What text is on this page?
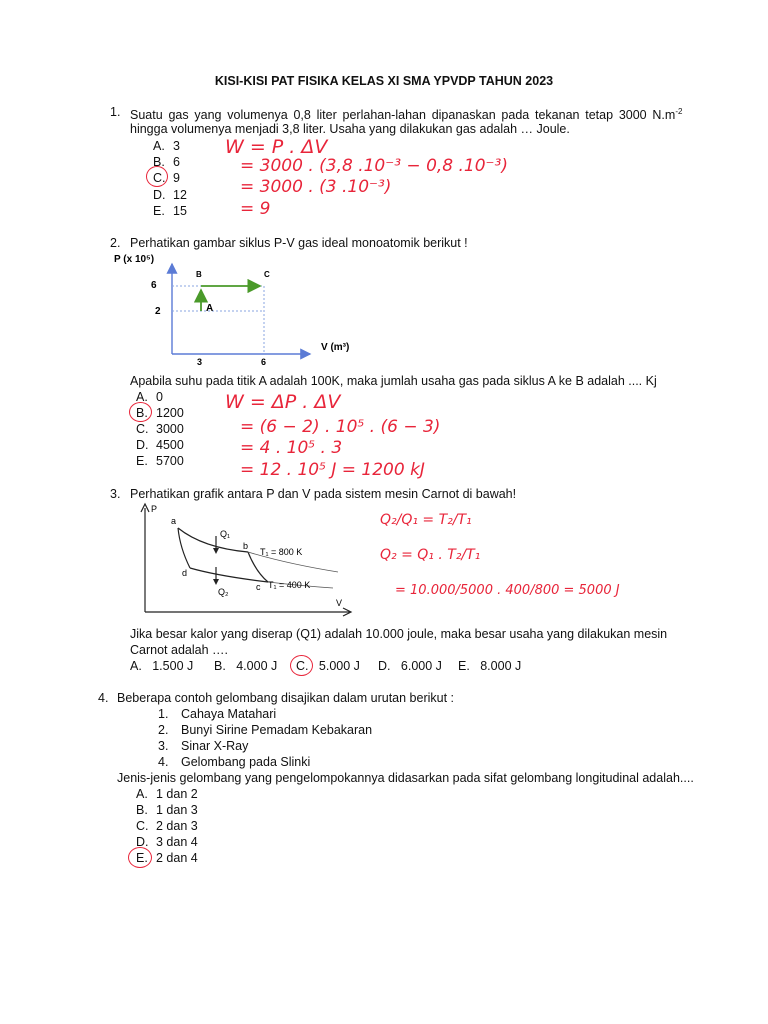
KISI-KISI PAT FISIKA KELAS XI SMA YPVDP TAHUN 2023
1. Suatu gas yang volumenya 0,8 liter perlahan-lahan dipanaskan pada tekanan tetap 3000 $N.m^{-2}$
hingga volumenya menjadi 3,8 liter. Usaha yang dilakukan gas adalah … Joule.
A. 3
B. 6
C. 9
D. 12
E. 15
W = P . ΔV
= 3000 . (3,8 .10⁻³ − 0,8 .10⁻³)
= 3000 . (3 .10⁻³)
= 9
2. Perhatikan gambar siklus P-V gas ideal monoatomik berikut !
P (x 10⁵)
6
2
3	6
B	C
A
V (m³)
Apabila suhu pada titik A adalah 100K, maka jumlah usaha gas pada siklus A ke B adalah .... Kj
A. 0
B. 1200
C. 3000
D. 4500
E. 5700
W = ΔP . ΔV
= (6 − 2) . 10⁵ . (6 − 3)
= 4 . 10⁵ . 3
= 12 . 10⁵ J = 1200 kJ
3. Perhatikan grafik antara P dan V pada sistem mesin Carnot di bawah!
P
V
a
b
c
d
Q₁
Q₂
T₁ = 800 K
T₁ = 400 K
Q₂/Q₁ = T₂/T₁
Q₂ = Q₁ . T₂/T₁
= 10.000/5000 . 400/800 = 5000 J
Jika besar kalor yang diserap (Q1) adalah 10.000 joule, maka besar usaha yang dilakukan mesin
Carnot adalah ….
A. 1.500 J B. 4.000 J C. 5.000 J D. 6.000 J E. 8.000 J
4. Beberapa contoh gelombang disajikan dalam urutan berikut :
1. Cahaya Matahari
2. Bunyi Sirine Pemadam Kebakaran
3. Sinar X-Ray
4. Gelombang pada Slinki
Jenis-jenis gelombang yang pengelompokannya didasarkan pada sifat gelombang longitudinal adalah....
A. 1 dan 2
B. 1 dan 3
C. 2 dan 3
D. 3 dan 4
E. 2 dan 4
